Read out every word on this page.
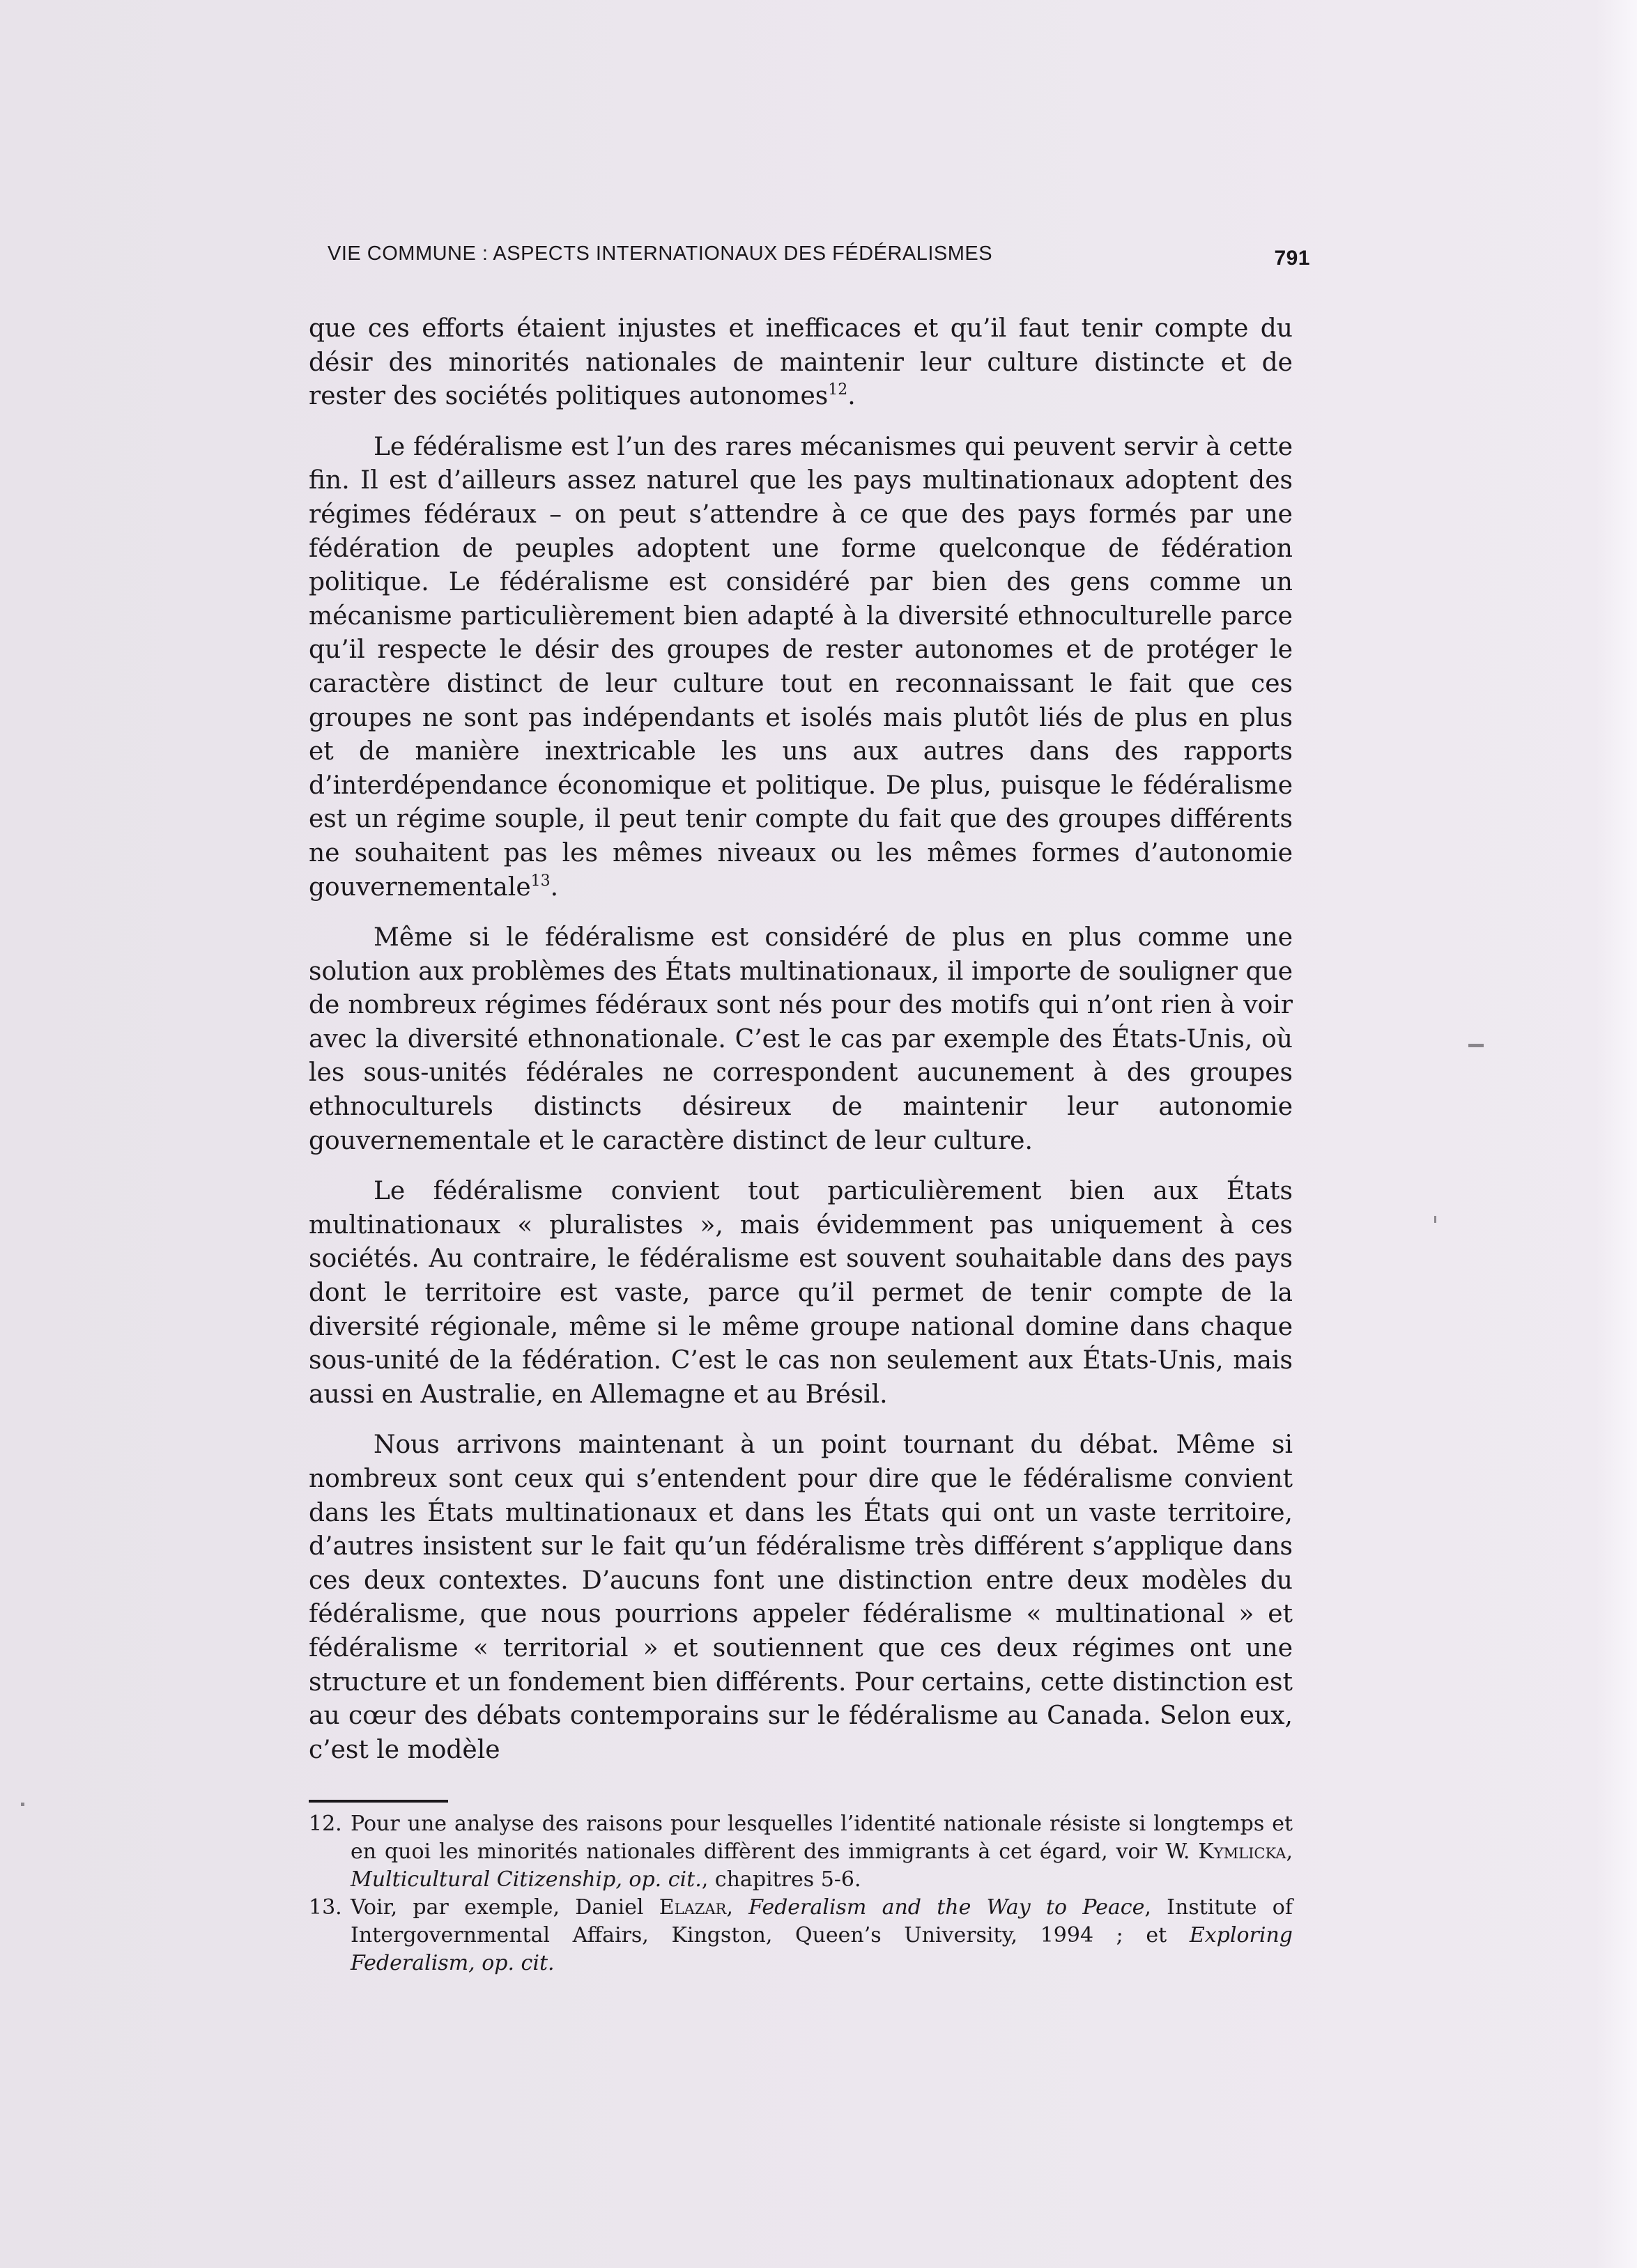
VIE COMMUNE : ASPECTS INTERNATIONAUX DES FÉDÉRALISMES	791

que ces efforts étaient injustes et inefficaces et qu’il faut tenir compte du désir des minorités nationales de maintenir leur culture distincte et de rester des sociétés politiques autonomes$^{12}$.

Le fédéralisme est l’un des rares mécanismes qui peuvent servir à cette fin. Il est d’ailleurs assez naturel que les pays multinationaux adoptent des régimes fédéraux – on peut s’attendre à ce que des pays formés par une fédération de peuples adoptent une forme quelconque de fédération politique. Le fédéralisme est considéré par bien des gens comme un mécanisme particulièrement bien adapté à la diversité ethnoculturelle parce qu’il respecte le désir des groupes de rester autonomes et de protéger le caractère distinct de leur culture tout en reconnaissant le fait que ces groupes ne sont pas indépendants et isolés mais plutôt liés de plus en plus et de manière inextricable les uns aux autres dans des rapports d’interdépendance économique et politique. De plus, puisque le fédéralisme est un régime souple, il peut tenir compte du fait que des groupes différents ne souhaitent pas les mêmes niveaux ou les mêmes formes d’autonomie gouvernementale$^{13}$.

Même si le fédéralisme est considéré de plus en plus comme une solution aux problèmes des États multinationaux, il importe de souligner que de nombreux régimes fédéraux sont nés pour des motifs qui n’ont rien à voir avec la diversité ethnonationale. C’est le cas par exemple des États-Unis, où les sous-unités fédérales ne correspondent aucunement à des groupes ethnoculturels distincts désireux de maintenir leur autonomie gouvernementale et le caractère distinct de leur culture.

Le fédéralisme convient tout particulièrement bien aux États multinationaux « pluralistes », mais évidemment pas uniquement à ces sociétés. Au contraire, le fédéralisme est souvent souhaitable dans des pays dont le territoire est vaste, parce qu’il permet de tenir compte de la diversité régionale, même si le même groupe national domine dans chaque sous-unité de la fédération. C’est le cas non seulement aux États-Unis, mais aussi en Australie, en Allemagne et au Brésil.

Nous arrivons maintenant à un point tournant du débat. Même si nombreux sont ceux qui s’entendent pour dire que le fédéralisme convient dans les États multinationaux et dans les États qui ont un vaste territoire, d’autres insistent sur le fait qu’un fédéralisme très différent s’applique dans ces deux contextes. D’aucuns font une distinction entre deux modèles du fédéralisme, que nous pourrions appeler fédéralisme « multinational » et fédéralisme « territorial » et soutiennent que ces deux régimes ont une structure et un fondement bien différents. Pour certains, cette distinction est au cœur des débats contemporains sur le fédéralisme au Canada. Selon eux, c’est le modèle

12. Pour une analyse des raisons pour lesquelles l’identité nationale résiste si longtemps et en quoi les minorités nationales diffèrent des immigrants à cet égard, voir W. Kymlicka, Multicultural Citizenship, op. cit., chapitres 5-6.
13. Voir, par exemple, Daniel Elazar, Federalism and the Way to Peace, Institute of Intergovernmental Affairs, Kingston, Queen’s University, 1994 ; et Exploring Federalism, op. cit.
